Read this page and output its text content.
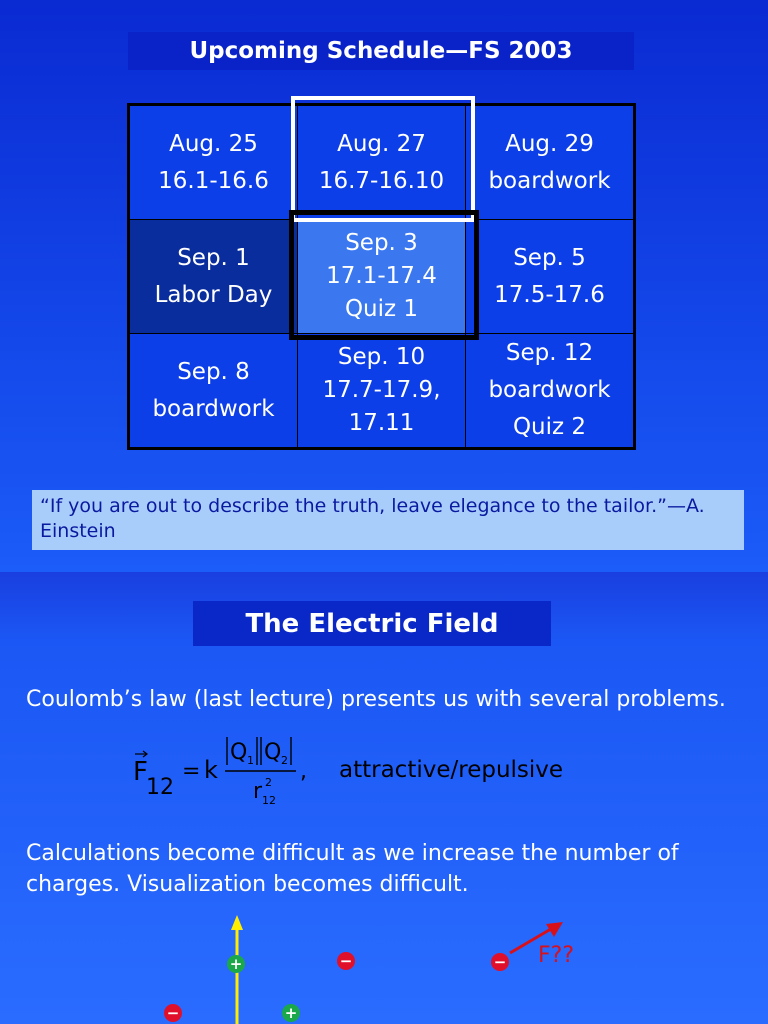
Upcoming Schedule—FS 2003
Aug. 25
16.1-16.6	Aug. 27
16.7-16.10	Aug. 29
boardwork

Sep. 1
Labor Day	Sep. 3
17.1-17.4
Quiz 1	Sep. 5
17.5-17.6

Sep. 8
boardwork	Sep. 10
17.7-17.9,
17.11	Sep. 12
boardwork
Quiz 2
“If you are out to describe the truth, leave elegance to the tailor.”—A. Einstein
The Electric Field
Coulomb’s law (last lecture) presents us with several problems.
F
12
= k
Q 1 Q 2
r 2
12
, attractive/repulsive
Calculations become difficult as we increase the number of charges. Visualization becomes difficult.
+	−	− F??
−	+
